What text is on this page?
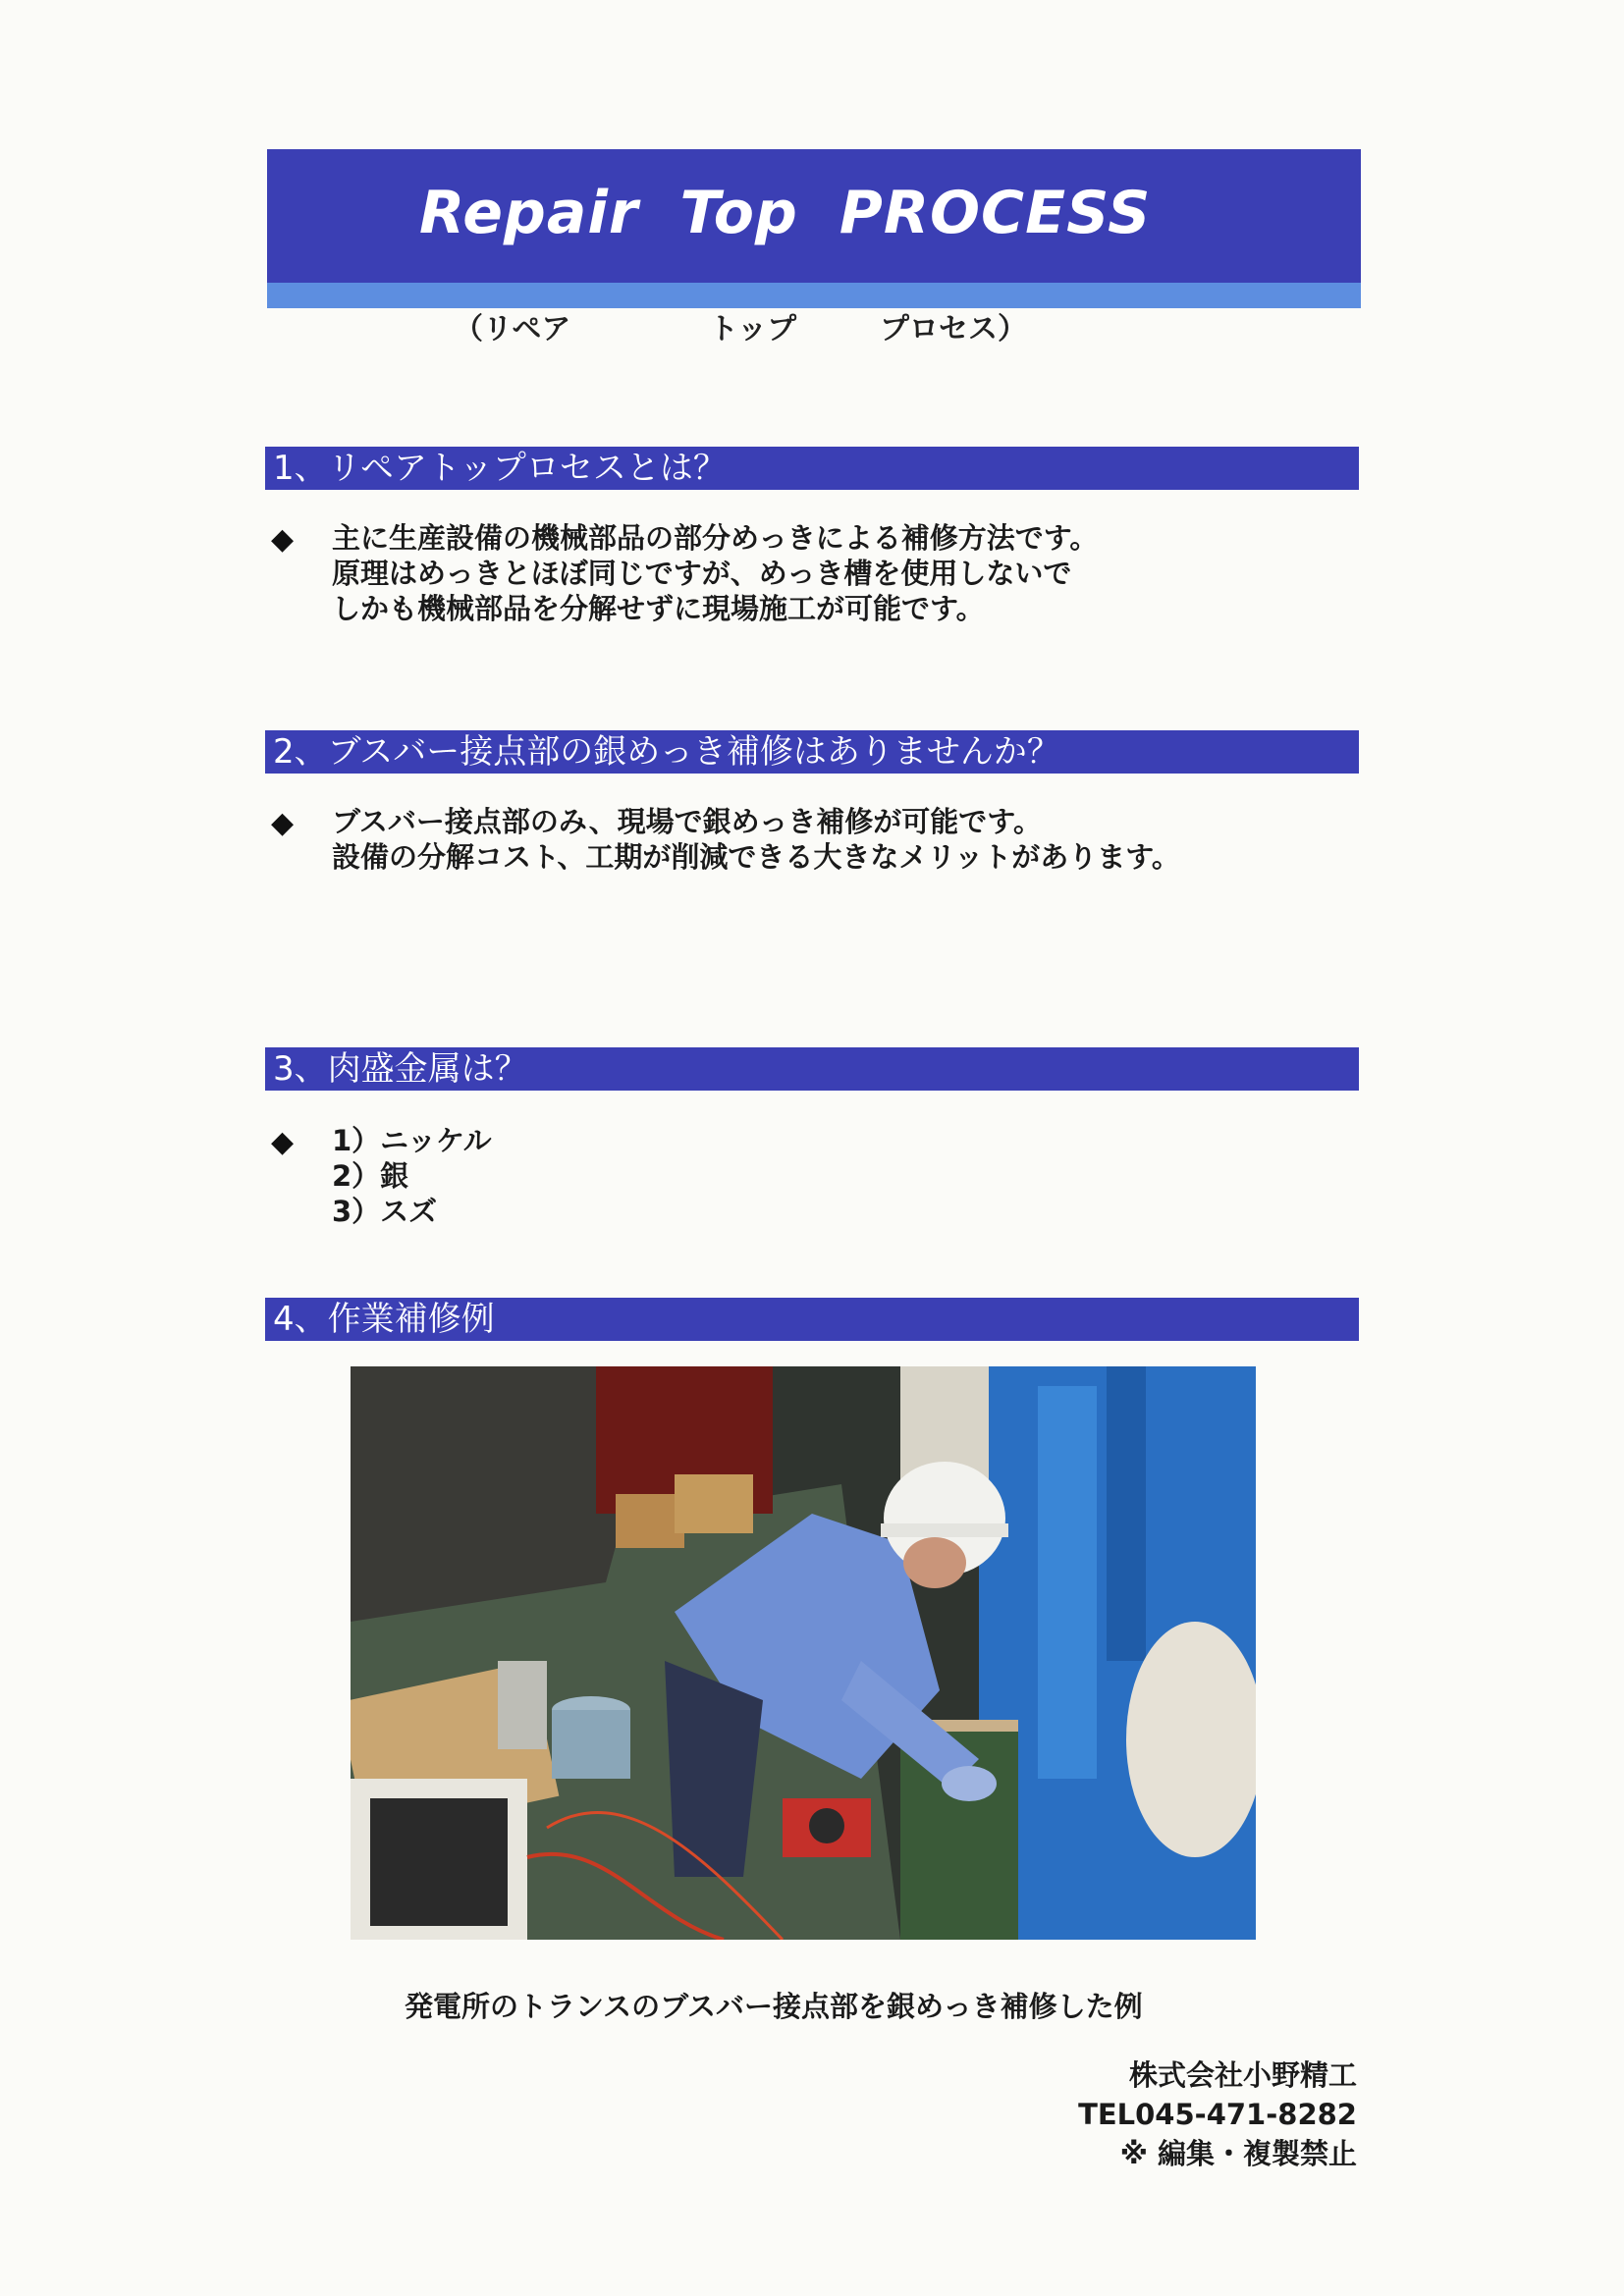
Repair Top PROCESS
（リペア	トップ	プロセス）
1、リペアトップロセスとは？
◆ 主に生産設備の機械部品の部分めっきによる補修方法です。
原理はめっきとほぼ同じですが、めっき槽を使用しないで
しかも機械部品を分解せずに現場施工が可能です。
2、ブスバー接点部の銀めっき補修はありませんか？
◆ ブスバー接点部のみ、現場で銀めっき補修が可能です。
設備の分解コスト、工期が削減できる大きなメリットがあります。
3、肉盛金属は？
◆ 1）ニッケル
2）銀
3）スズ
4、作業補修例
発電所のトランスのブスバー接点部を銀めっき補修した例
株式会社小野精工
TEL045-471-8282
※ 編集・複製禁止
